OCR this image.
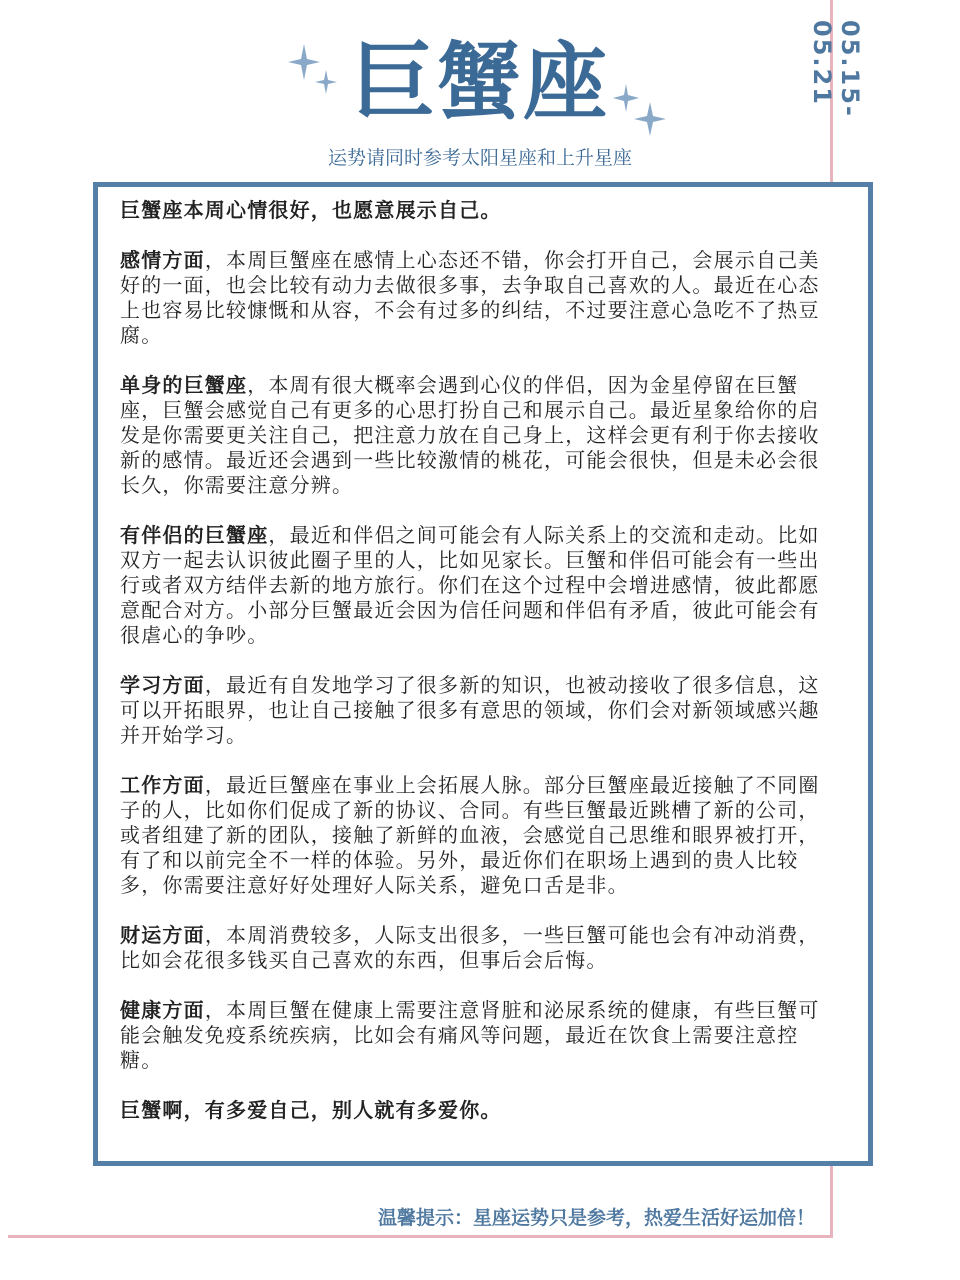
05.15-05.21
巨蟹座
运势请同时参考太阳星座和上升星座

巨蟹座本周心情很好，也愿意展示自己。

感情方面，本周巨蟹座在感情上心态还不错，你会打开自己，会展示自己美好的一面，也会比较有动力去做很多事，去争取自己喜欢的人。最近在心态上也容易比较慷慨和从容，不会有过多的纠结，不过要注意心急吃不了热豆腐。

单身的巨蟹座，本周有很大概率会遇到心仪的伴侣，因为金星停留在巨蟹座，巨蟹会感觉自己有更多的心思打扮自己和展示自己。最近星象给你的启发是你需要更关注自己，把注意力放在自己身上，这样会更有利于你去接收新的感情。最近还会遇到一些比较激情的桃花，可能会很快，但是未必会很长久，你需要注意分辨。

有伴侣的巨蟹座，最近和伴侣之间可能会有人际关系上的交流和走动。比如双方一起去认识彼此圈子里的人，比如见家长。巨蟹和伴侣可能会有一些出行或者双方结伴去新的地方旅行。你们在这个过程中会增进感情，彼此都愿意配合对方。小部分巨蟹最近会因为信任问题和伴侣有矛盾，彼此可能会有很虐心的争吵。

学习方面，最近有自发地学习了很多新的知识，也被动接收了很多信息，这可以开拓眼界，也让自己接触了很多有意思的领域，你们会对新领域感兴趣并开始学习。

工作方面，最近巨蟹座在事业上会拓展人脉。部分巨蟹座最近接触了不同圈子的人，比如你们促成了新的协议、合同。有些巨蟹最近跳槽了新的公司，或者组建了新的团队，接触了新鲜的血液，会感觉自己思维和眼界被打开，有了和以前完全不一样的体验。另外，最近你们在职场上遇到的贵人比较多，你需要注意好好处理好人际关系，避免口舌是非。

财运方面，本周消费较多，人际支出很多，一些巨蟹可能也会有冲动消费，比如会花很多钱买自己喜欢的东西，但事后会后悔。

健康方面，本周巨蟹在健康上需要注意肾脏和泌尿系统的健康，有些巨蟹可能会触发免疫系统疾病，比如会有痛风等问题，最近在饮食上需要注意控糖。

巨蟹啊，有多爱自己，别人就有多爱你。

温馨提示：星座运势只是参考，热爱生活好运加倍！
